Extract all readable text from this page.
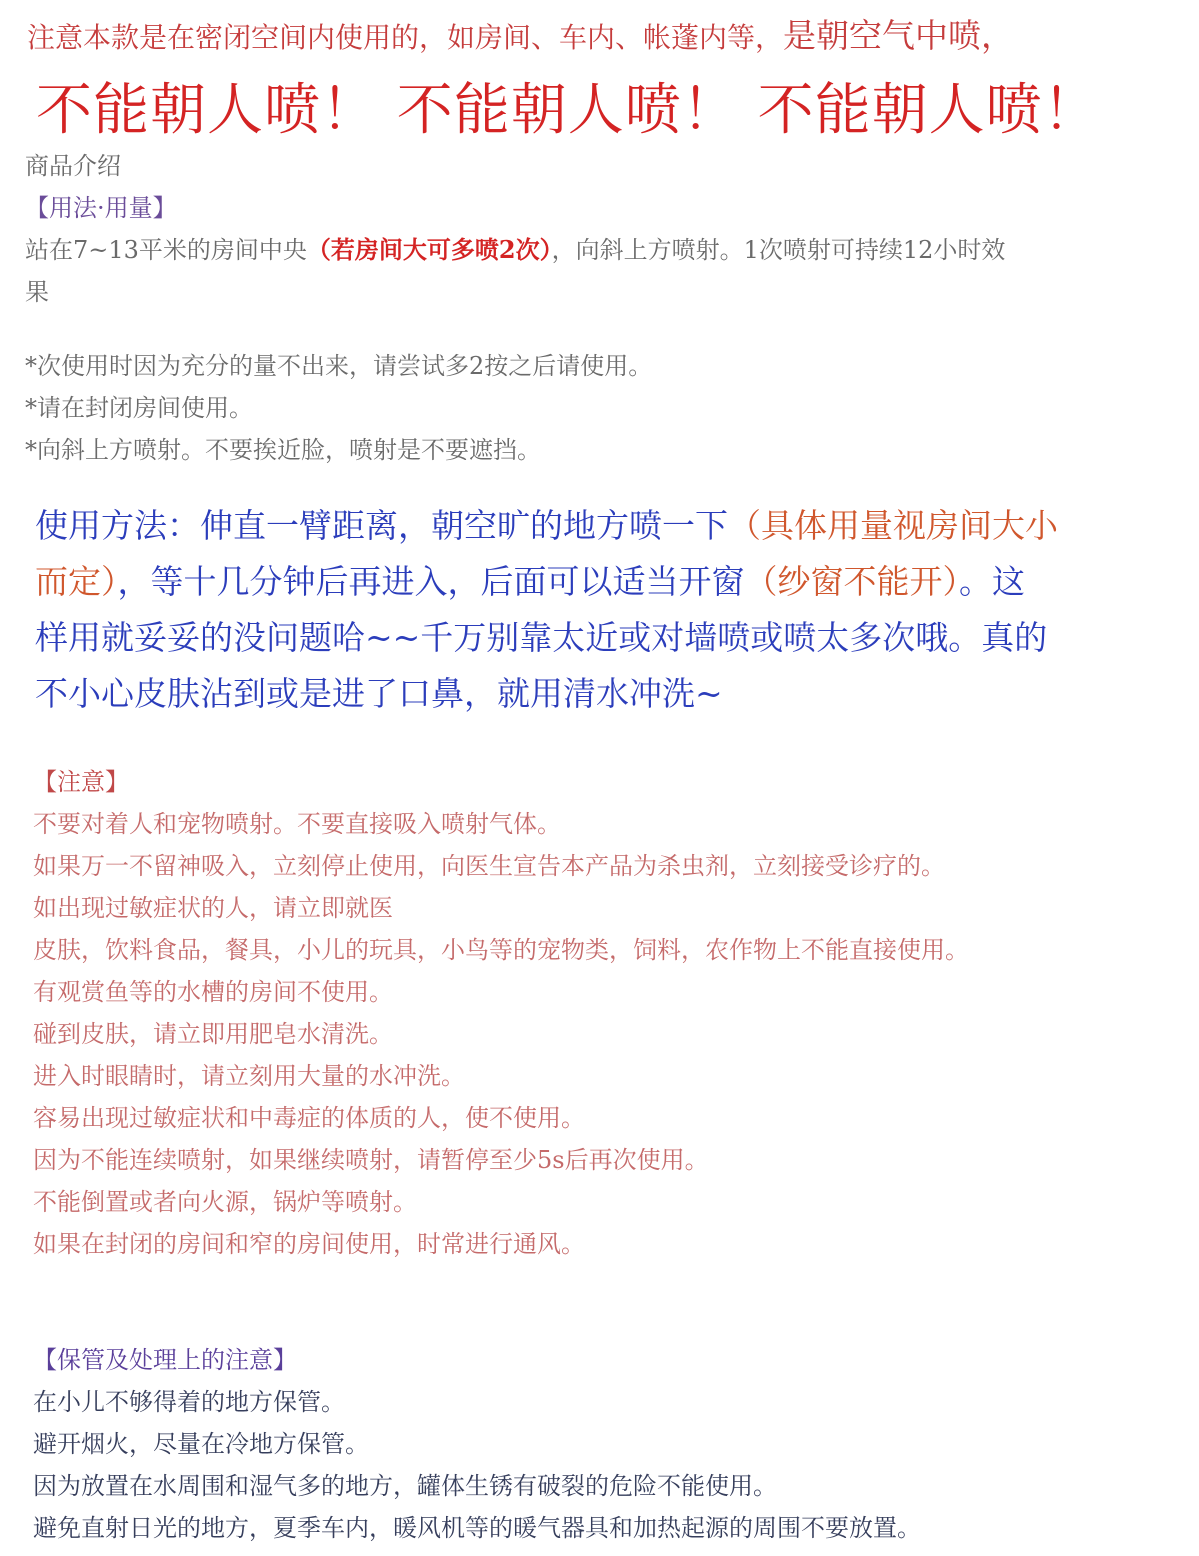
注意本款是在密闭空间内使用的，如房间、车内、帐蓬内等，是朝空气中喷，
不能朝人喷！ 不能朝人喷！ 不能朝人喷！
商品介绍
【用法·用量】
站在7~13平米的房间中央（若房间大可多喷2次），向斜上方喷射。1次喷射可持续12小时效
果
*次使用时因为充分的量不出来，请尝试多2按之后请使用。
*请在封闭房间使用。
*向斜上方喷射。不要挨近脸，喷射是不要遮挡。
使用方法：伸直一臂距离，朝空旷的地方喷一下（具体用量视房间大小
而定），等十几分钟后再进入，后面可以适当开窗（纱窗不能开）。这
样用就妥妥的没问题哈~~千万别靠太近或对墙喷或喷太多次哦。真的
不小心皮肤沾到或是进了口鼻，就用清水冲洗~
【注意】
不要对着人和宠物喷射。不要直接吸入喷射气体。
如果万一不留神吸入，立刻停止使用，向医生宣告本产品为杀虫剂，立刻接受诊疗的。
如出现过敏症状的人，请立即就医
皮肤，饮料食品，餐具，小儿的玩具，小鸟等的宠物类，饲料，农作物上不能直接使用。
有观赏鱼等的水槽的房间不使用。
碰到皮肤，请立即用肥皂水清洗。
进入时眼睛时，请立刻用大量的水冲洗。
容易出现过敏症状和中毒症的体质的人，使不使用。
因为不能连续喷射，如果继续喷射，请暂停至少5s后再次使用。
不能倒置或者向火源，锅炉等喷射。
如果在封闭的房间和窄的房间使用，时常进行通风。
【保管及处理上的注意】
在小儿不够得着的地方保管。
避开烟火，尽量在冷地方保管。
因为放置在水周围和湿气多的地方，罐体生锈有破裂的危险不能使用。
避免直射日光的地方，夏季车内，暖风机等的暖气器具和加热起源的周围不要放置。
